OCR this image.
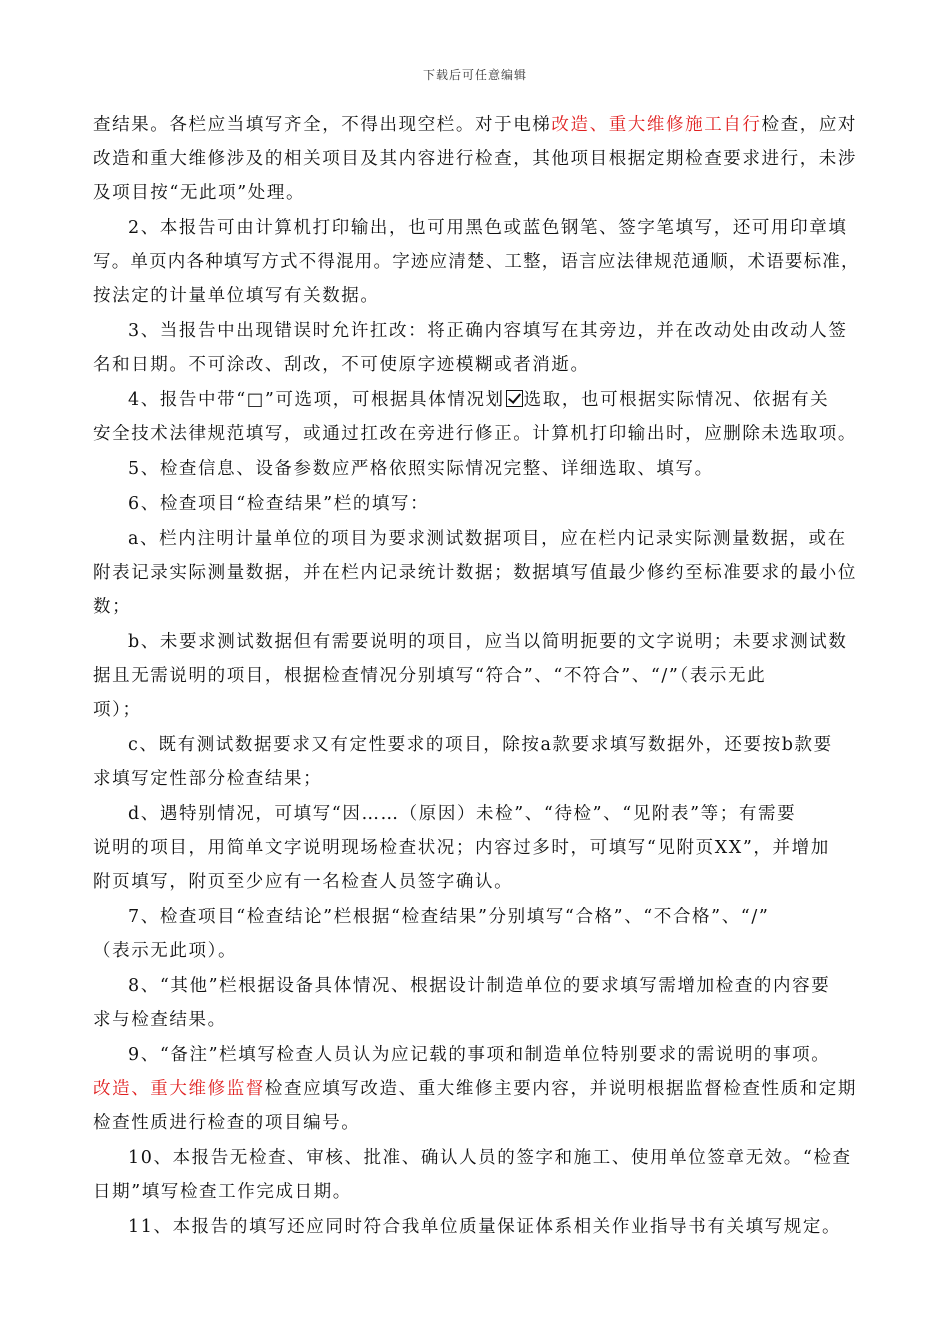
下载后可任意编辑
查结果。各栏应当填写齐全，不得出现空栏。对于电梯改造、重大维修施工自行检查，应对
改造和重大维修涉及的相关项目及其内容进行检查，其他项目根据定期检查要求进行，未涉
及项目按“无此项”处理。
2、本报告可由计算机打印输出，也可用黑色或蓝色钢笔、签字笔填写，还可用印章填
写。单页内各种填写方式不得混用。字迹应清楚、工整，语言应法律规范通顺，术语要标准，
按法定的计量单位填写有关数据。
3、当报告中出现错误时允许扛改：将正确内容填写在其旁边，并在改动处由改动人签
名和日期。不可涂改、刮改，不可使原字迹模糊或者消逝。
4、报告中带“□”可选项，可根据具体情况划 选取，也可根据实际情况、依据有关
安全技术法律规范填写，或通过扛改在旁进行修正。计算机打印输出时，应删除未选取项。
5、检查信息、设备参数应严格依照实际情况完整、详细选取、填写。
6、检查项目“检查结果”栏的填写：
a、栏内注明计量单位的项目为要求测试数据项目，应在栏内记录实际测量数据，或在
附表记录实际测量数据，并在栏内记录统计数据；数据填写值最少修约至标准要求的最小位
数；
b、未要求测试数据但有需要说明的项目，应当以简明扼要的文字说明；未要求测试数
据且无需说明的项目，根据检查情况分别填写“符合”、“不符合”、“/”（表示无此
项）；
c、既有测试数据要求又有定性要求的项目，除按a款要求填写数据外，还要按b款要
求填写定性部分检查结果；
d、遇特别情况，可填写“因……（原因）未检”、“待检”、“见附表”等；有需要
说明的项目，用简单文字说明现场检查状况；内容过多时，可填写“见附页XX”，并增加
附页填写，附页至少应有一名检查人员签字确认。
7、检查项目“检查结论”栏根据“检查结果”分别填写“合格”、“不合格”、“/”
（表示无此项）。
8、“其他”栏根据设备具体情况、根据设计制造单位的要求填写需增加检查的内容要
求与检查结果。
9、“备注”栏填写检查人员认为应记载的事项和制造单位特别要求的需说明的事项。
改造、重大维修监督检查应填写改造、重大维修主要内容，并说明根据监督检查性质和定期
检查性质进行检查的项目编号。
10、本报告无检查、审核、批准、确认人员的签字和施工、使用单位签章无效。“检查
日期”填写检查工作完成日期。
11、本报告的填写还应同时符合我单位质量保证体系相关作业指导书有关填写规定。
